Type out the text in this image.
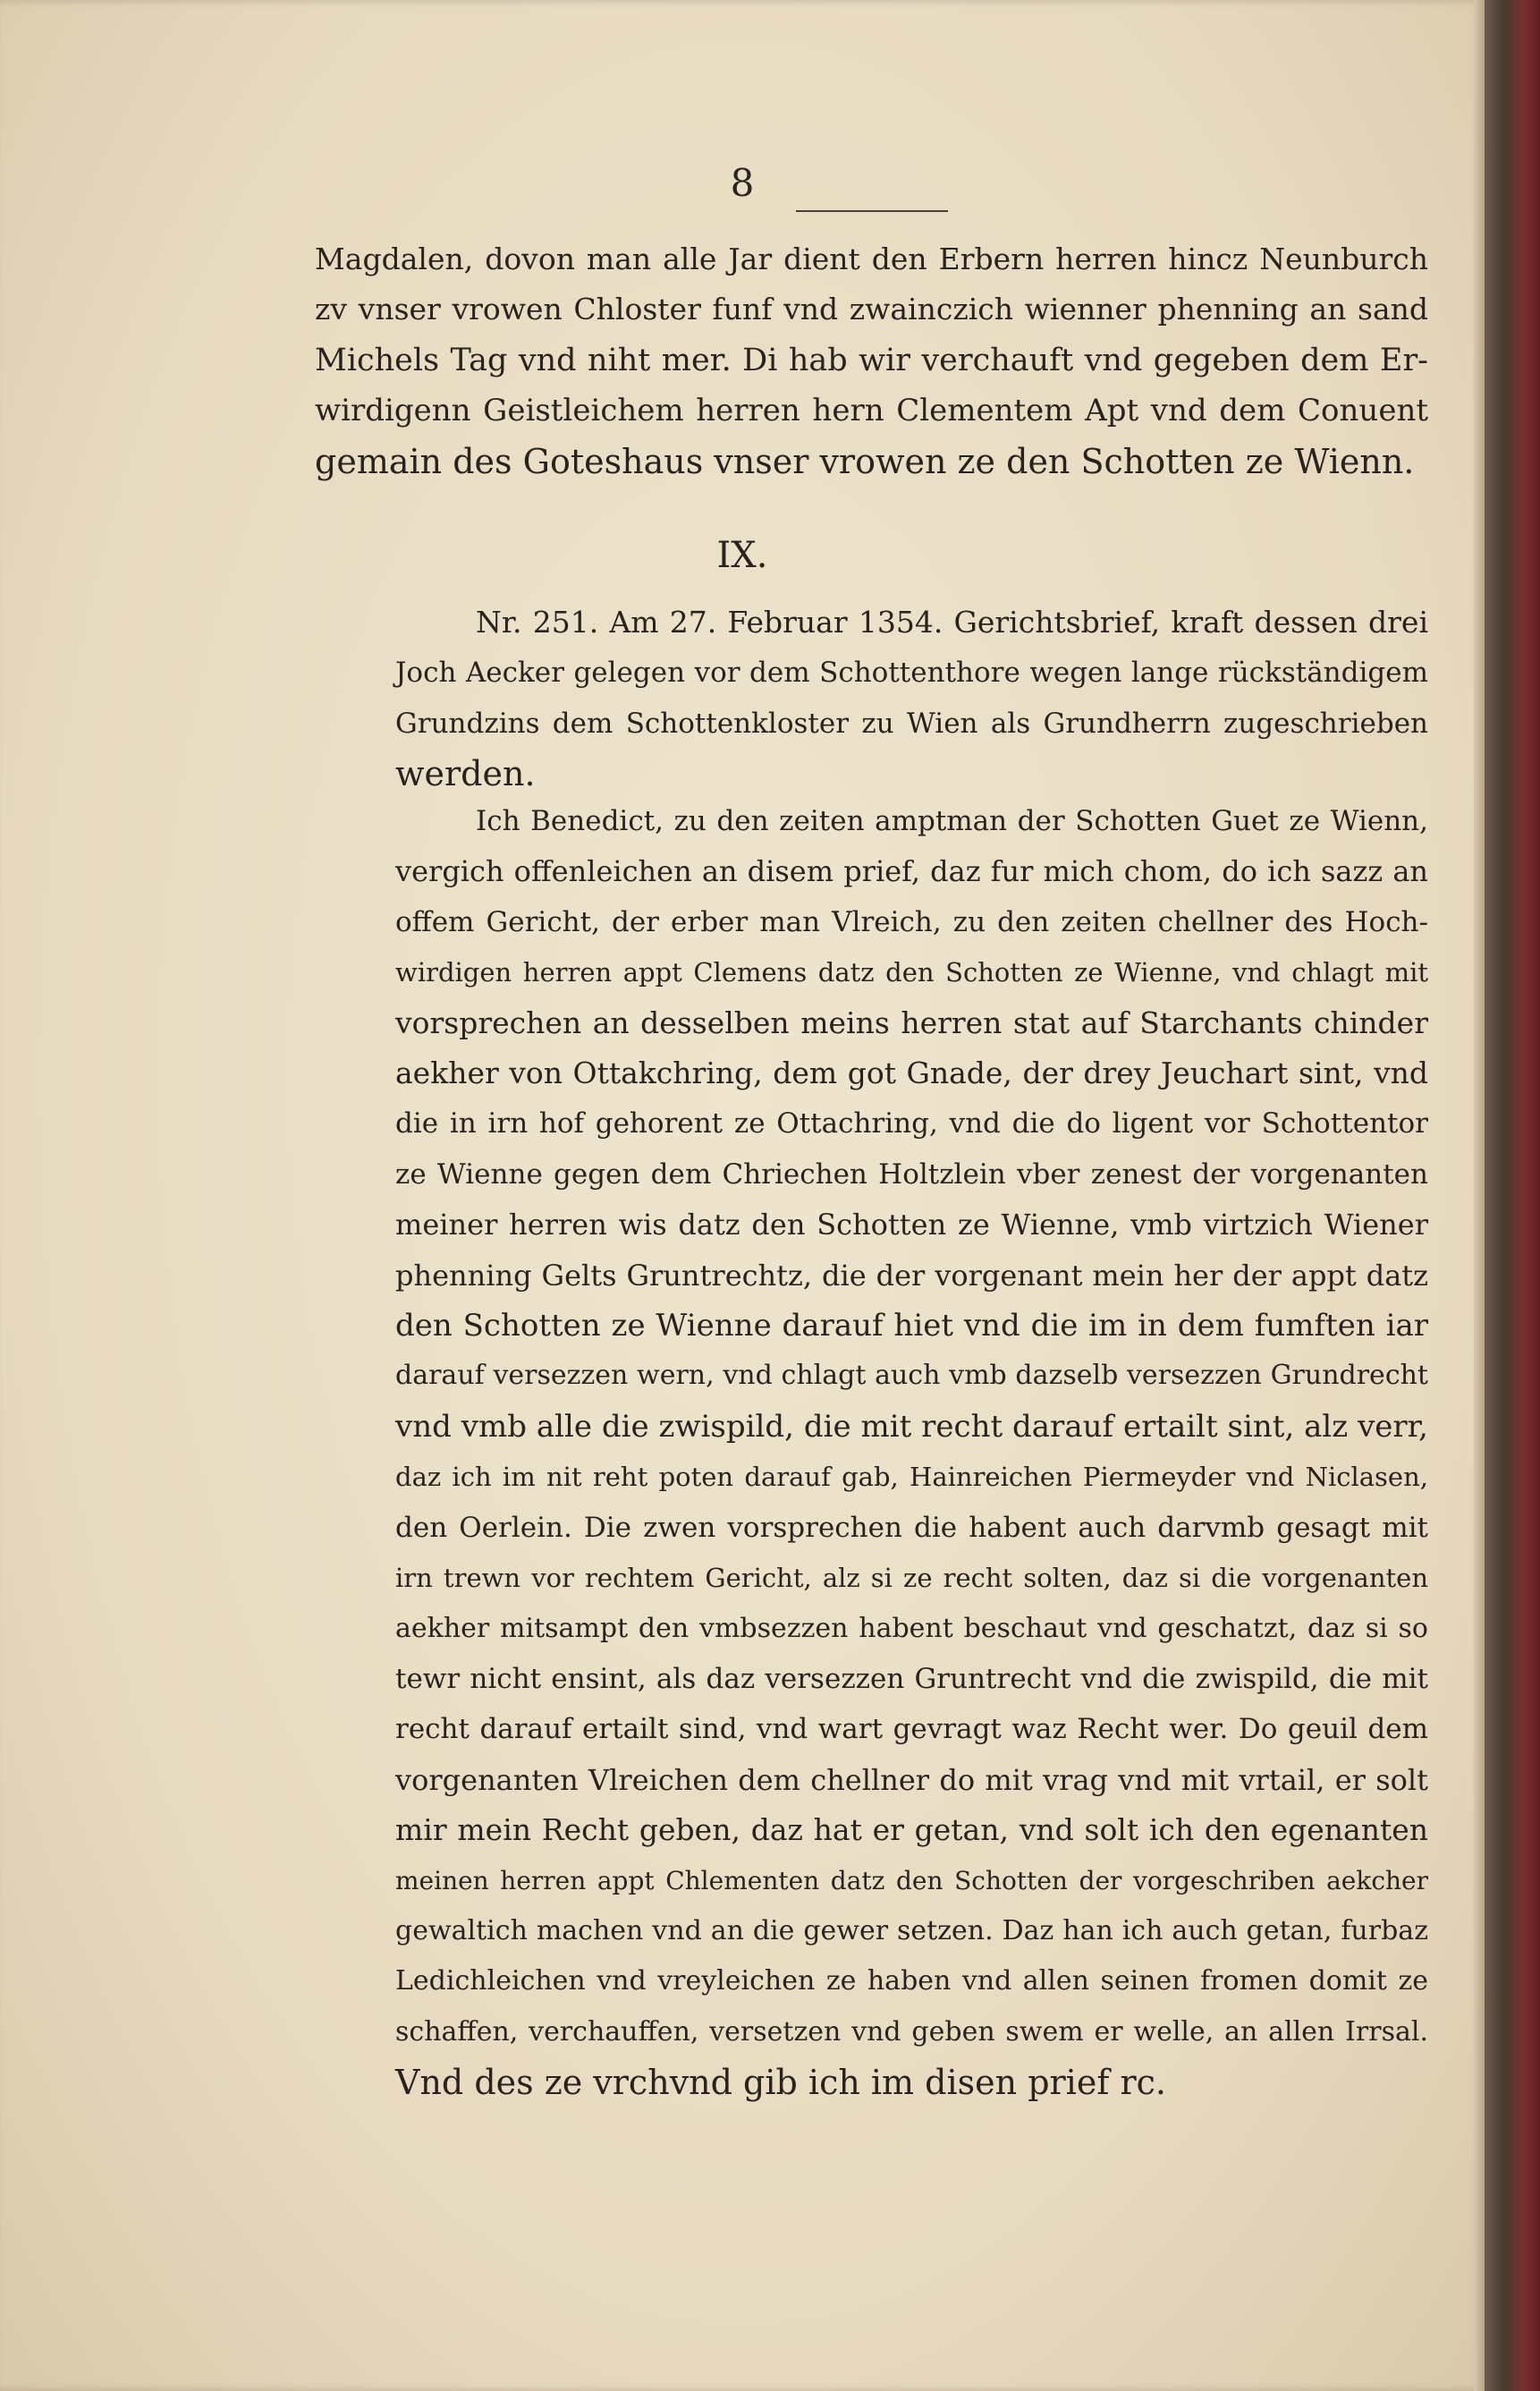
8
Magdalen, dovon man alle Jar dient den Erbern herren hincz Neunburch
zv vnser vrowen Chloster funf vnd zwainczich wienner phenning an sand
Michels Tag vnd niht mer. Di hab wir verchauft vnd gegeben dem Er-
wirdigenn Geistleichem herren hern Clementem Apt vnd dem Conuent
gemain des Goteshaus vnser vrowen ze den Schotten ze Wienn.
IX.
Nr. 251. Am 27. Februar 1354. Gerichtsbrief, kraft dessen drei
Joch Aecker gelegen vor dem Schottenthore wegen lange rückständigem
Grundzins dem Schottenkloster zu Wien als Grundherrn zugeschrieben
werden.
Ich Benedict, zu den zeiten amptman der Schotten Guet ze Wienn,
vergich offenleichen an disem prief, daz fur mich chom, do ich sazz an
offem Gericht, der erber man Vlreich, zu den zeiten chellner des Hoch-
wirdigen herren appt Clemens datz den Schotten ze Wienne, vnd chlagt mit
vorsprechen an desselben meins herren stat auf Starchants chinder
aekher von Ottakchring, dem got Gnade, der drey Jeuchart sint, vnd
die in irn hof gehorent ze Ottachring, vnd die do ligent vor Schottentor
ze Wienne gegen dem Chriechen Holtzlein vber zenest der vorgenanten
meiner herren wis datz den Schotten ze Wienne, vmb virtzich Wiener
phenning Gelts Gruntrechtz, die der vorgenant mein her der appt datz
den Schotten ze Wienne darauf hiet vnd die im in dem fumften iar
darauf versezzen wern, vnd chlagt auch vmb dazselb versezzen Grundrecht
vnd vmb alle die zwispild, die mit recht darauf ertailt sint, alz verr,
daz ich im nit reht poten darauf gab, Hainreichen Piermeyder vnd Niclasen,
den Oerlein. Die zwen vorsprechen die habent auch darvmb gesagt mit
irn trewn vor rechtem Gericht, alz si ze recht solten, daz si die vorgenanten
aekher mitsampt den vmbsezzen habent beschaut vnd geschatzt, daz si so
tewr nicht ensint, als daz versezzen Gruntrecht vnd die zwispild, die mit
recht darauf ertailt sind, vnd wart gevragt waz Recht wer. Do geuil dem
vorgenanten Vlreichen dem chellner do mit vrag vnd mit vrtail, er solt
mir mein Recht geben, daz hat er getan, vnd solt ich den egenanten
meinen herren appt Chlementen datz den Schotten der vorgeschriben aekcher
gewaltich machen vnd an die gewer setzen. Daz han ich auch getan, furbaz
Ledichleichen vnd vreyleichen ze haben vnd allen seinen fromen domit ze
schaffen, verchauffen, versetzen vnd geben swem er welle, an allen Irrsal.
Vnd des ze vrchvnd gib ich im disen prief rc.
